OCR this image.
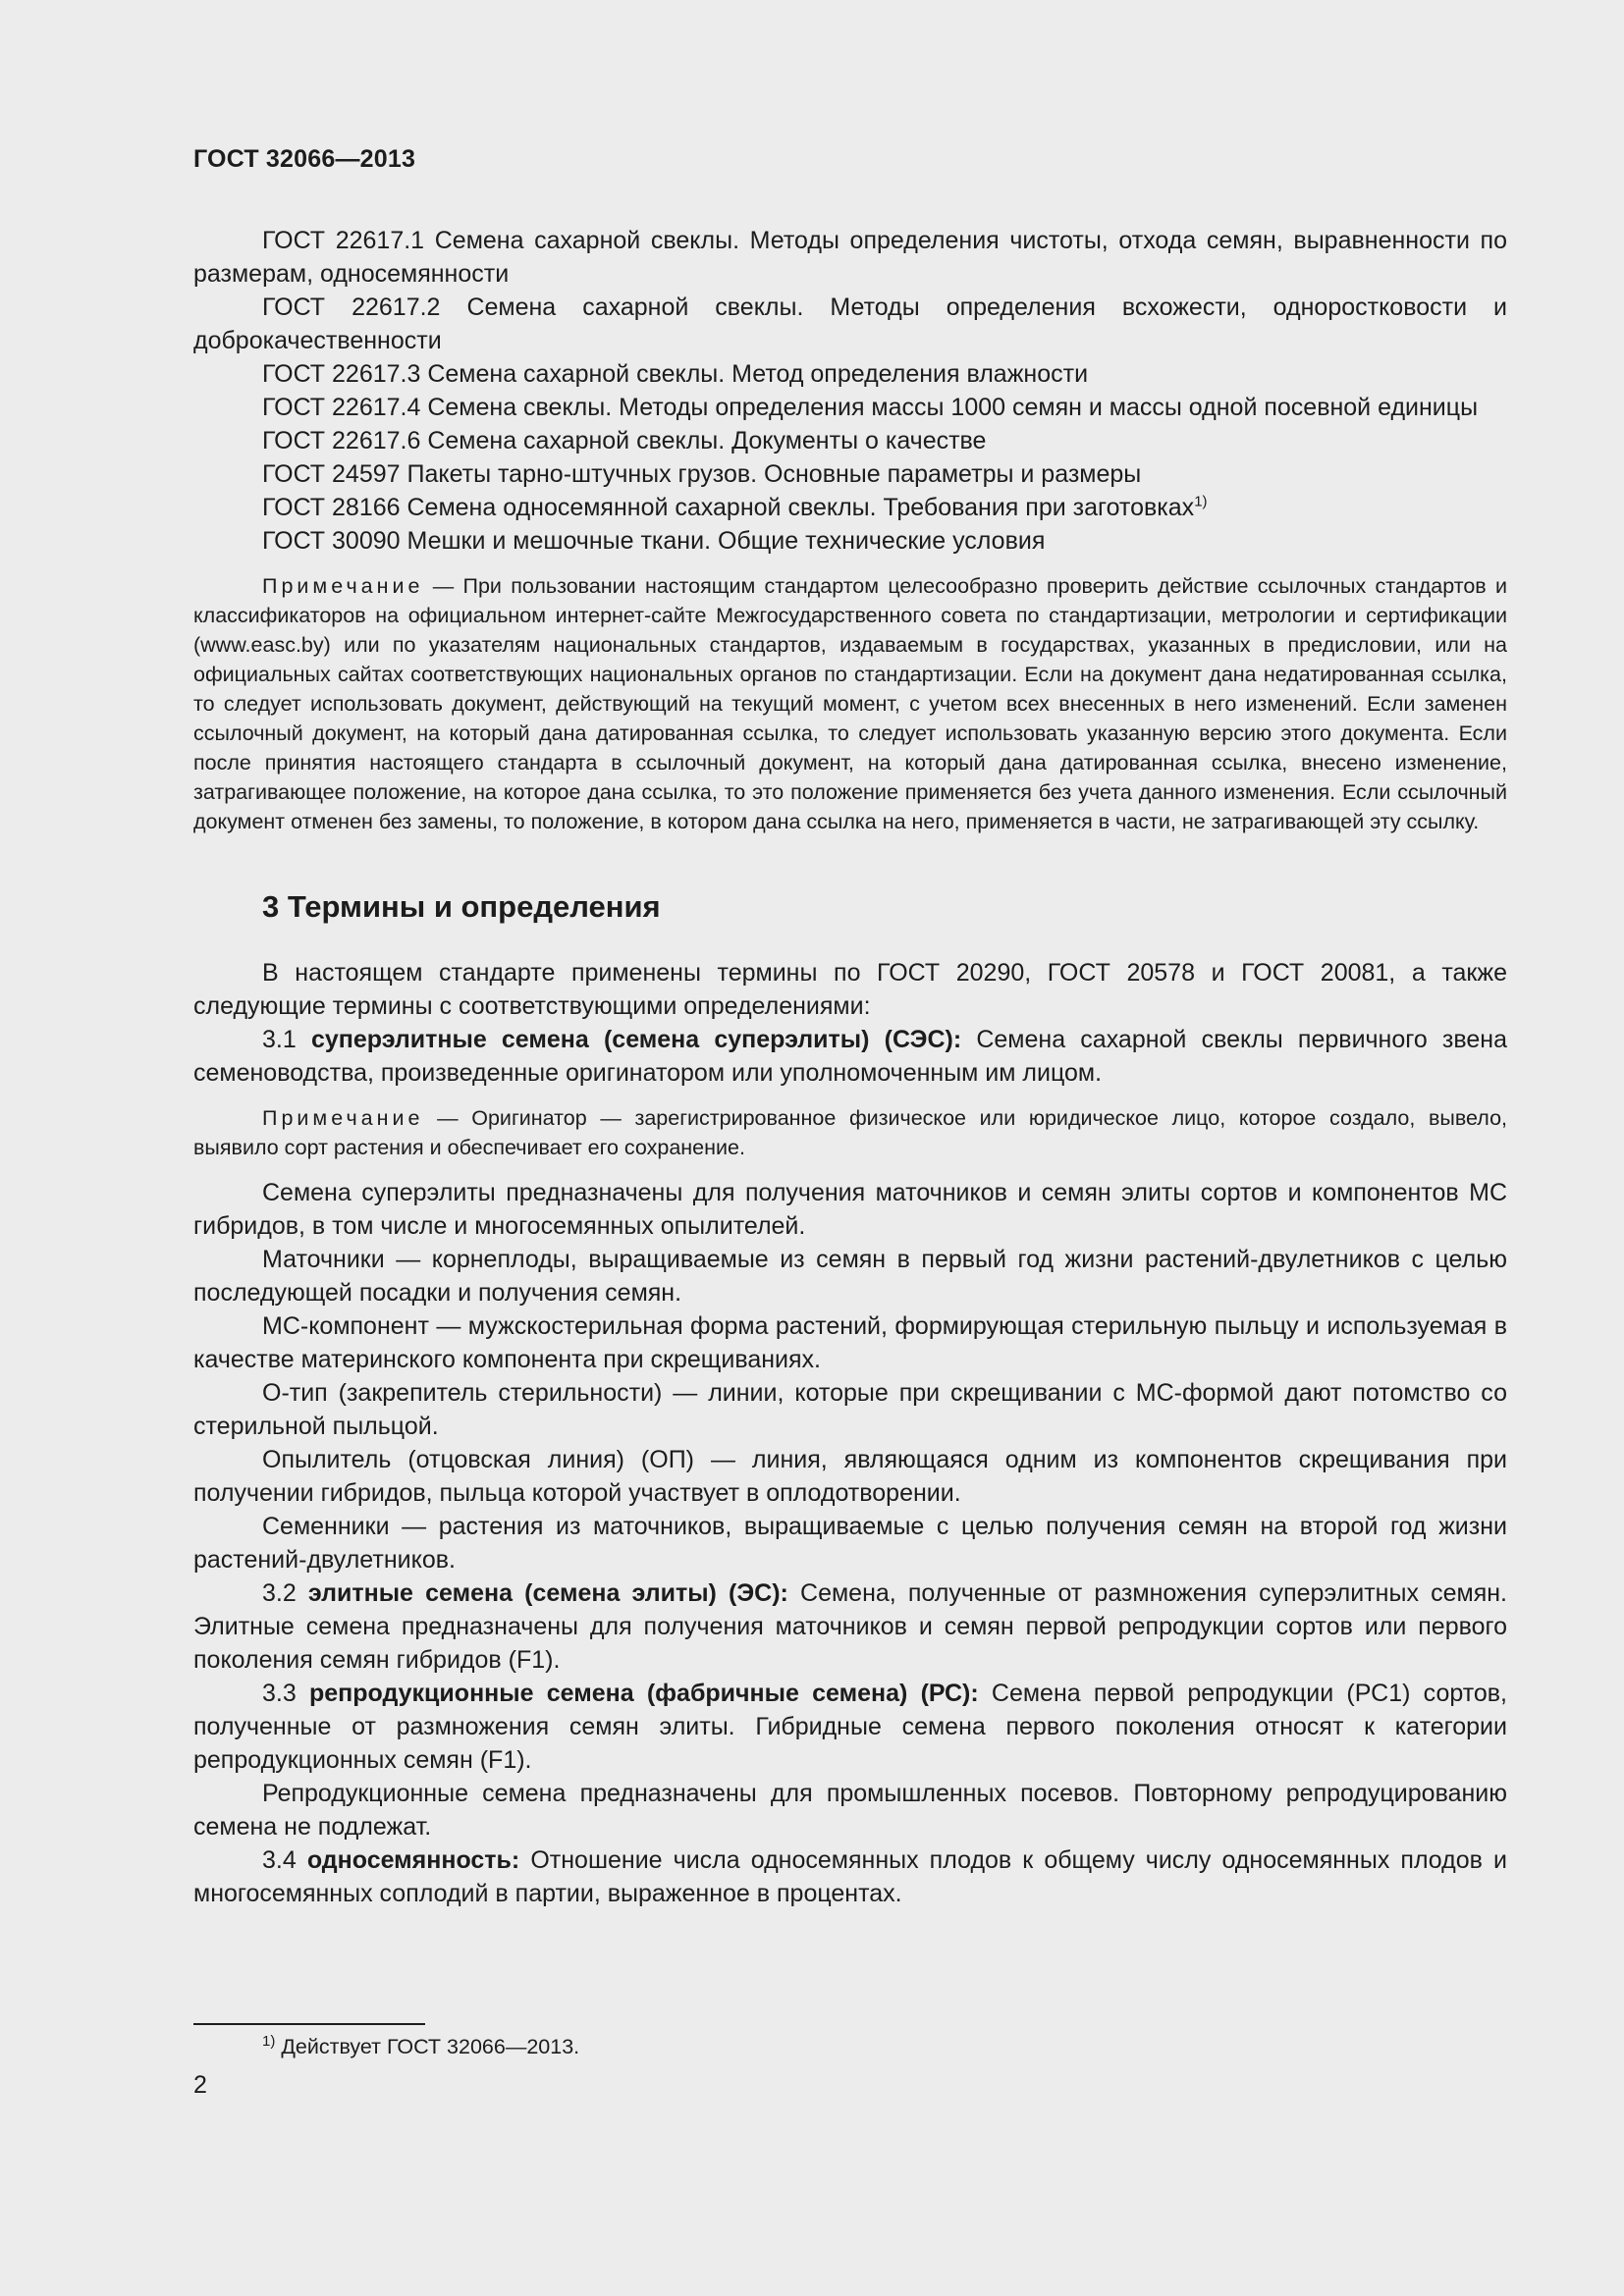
ГОСТ 32066—2013

ГОСТ 22617.1 Семена сахарной свеклы. Методы определения чистоты, отхода семян, выравненности по размерам, односемянности

ГОСТ 22617.2 Семена сахарной свеклы. Методы определения всхожести, одноростковости и доброкачественности

ГОСТ 22617.3 Семена сахарной свеклы. Метод определения влажности

ГОСТ 22617.4 Семена свеклы. Методы определения массы 1000 семян и массы одной посевной единицы

ГОСТ 22617.6 Семена сахарной свеклы. Документы о качестве

ГОСТ 24597 Пакеты тарно-штучных грузов. Основные параметры и размеры

ГОСТ 28166 Семена односемянной сахарной свеклы. Требования при заготовках$^{1)}$

ГОСТ 30090 Мешки и мешочные ткани. Общие технические условия

Примечание — При пользовании настоящим стандартом целесообразно проверить действие ссылочных стандартов и классификаторов на официальном интернет-сайте Межгосударственного совета по стандартизации, метрологии и сертификации (www.easc.by) или по указателям национальных стандартов, издаваемым в государствах, указанных в предисловии, или на официальных сайтах соответствующих национальных органов по стандартизации. Если на документ дана недатированная ссылка, то следует использовать документ, действующий на текущий момент, с учетом всех внесенных в него изменений. Если заменен ссылочный документ, на который дана датированная ссылка, то следует использовать указанную версию этого документа. Если после принятия настоящего стандарта в ссылочный документ, на который дана датированная ссылка, внесено изменение, затрагивающее положение, на которое дана ссылка, то это положение применяется без учета данного изменения. Если ссылочный документ отменен без замены, то положение, в котором дана ссылка на него, применяется в части, не затрагивающей эту ссылку.

3 Термины и определения

В настоящем стандарте применены термины по ГОСТ 20290, ГОСТ 20578 и ГОСТ 20081, а также следующие термины с соответствующими определениями:

3.1 суперэлитные семена (семена суперэлиты) (СЭС): Семена сахарной свеклы первичного звена семеноводства, произведенные оригинатором или уполномоченным им лицом.

Примечание — Оригинатор — зарегистрированное физическое или юридическое лицо, которое создало, вывело, выявило сорт растения и обеспечивает его сохранение.

Семена суперэлиты предназначены для получения маточников и семян элиты сортов и компонентов МС гибридов, в том числе и многосемянных опылителей.

Маточники — корнеплоды, выращиваемые из семян в первый год жизни растений-двулетников с целью последующей посадки и получения семян.

МС-компонент — мужскостерильная форма растений, формирующая стерильную пыльцу и используемая в качестве материнского компонента при скрещиваниях.

О-тип (закрепитель стерильности) — линии, которые при скрещивании с МС-формой дают потомство со стерильной пыльцой.

Опылитель (отцовская линия) (ОП) — линия, являющаяся одним из компонентов скрещивания при получении гибридов, пыльца которой участвует в оплодотворении.

Семенники — растения из маточников, выращиваемые с целью получения семян на второй год жизни растений-двулетников.

3.2 элитные семена (семена элиты) (ЭС): Семена, полученные от размножения суперэлитных семян. Элитные семена предназначены для получения маточников и семян первой репродукции сортов или первого поколения семян гибридов (F1).

3.3 репродукционные семена (фабричные семена) (РС): Семена первой репродукции (РС1) сортов, полученные от размножения семян элиты. Гибридные семена первого поколения относят к категории репродукционных семян (F1).

Репродукционные семена предназначены для промышленных посевов. Повторному репродуцированию семена не подлежат.

3.4 односемянность: Отношение числа односемянных плодов к общему числу односемянных плодов и многосемянных соплодий в партии, выраженное в процентах.

$^{1)}$ Действует ГОСТ 32066—2013.
2
